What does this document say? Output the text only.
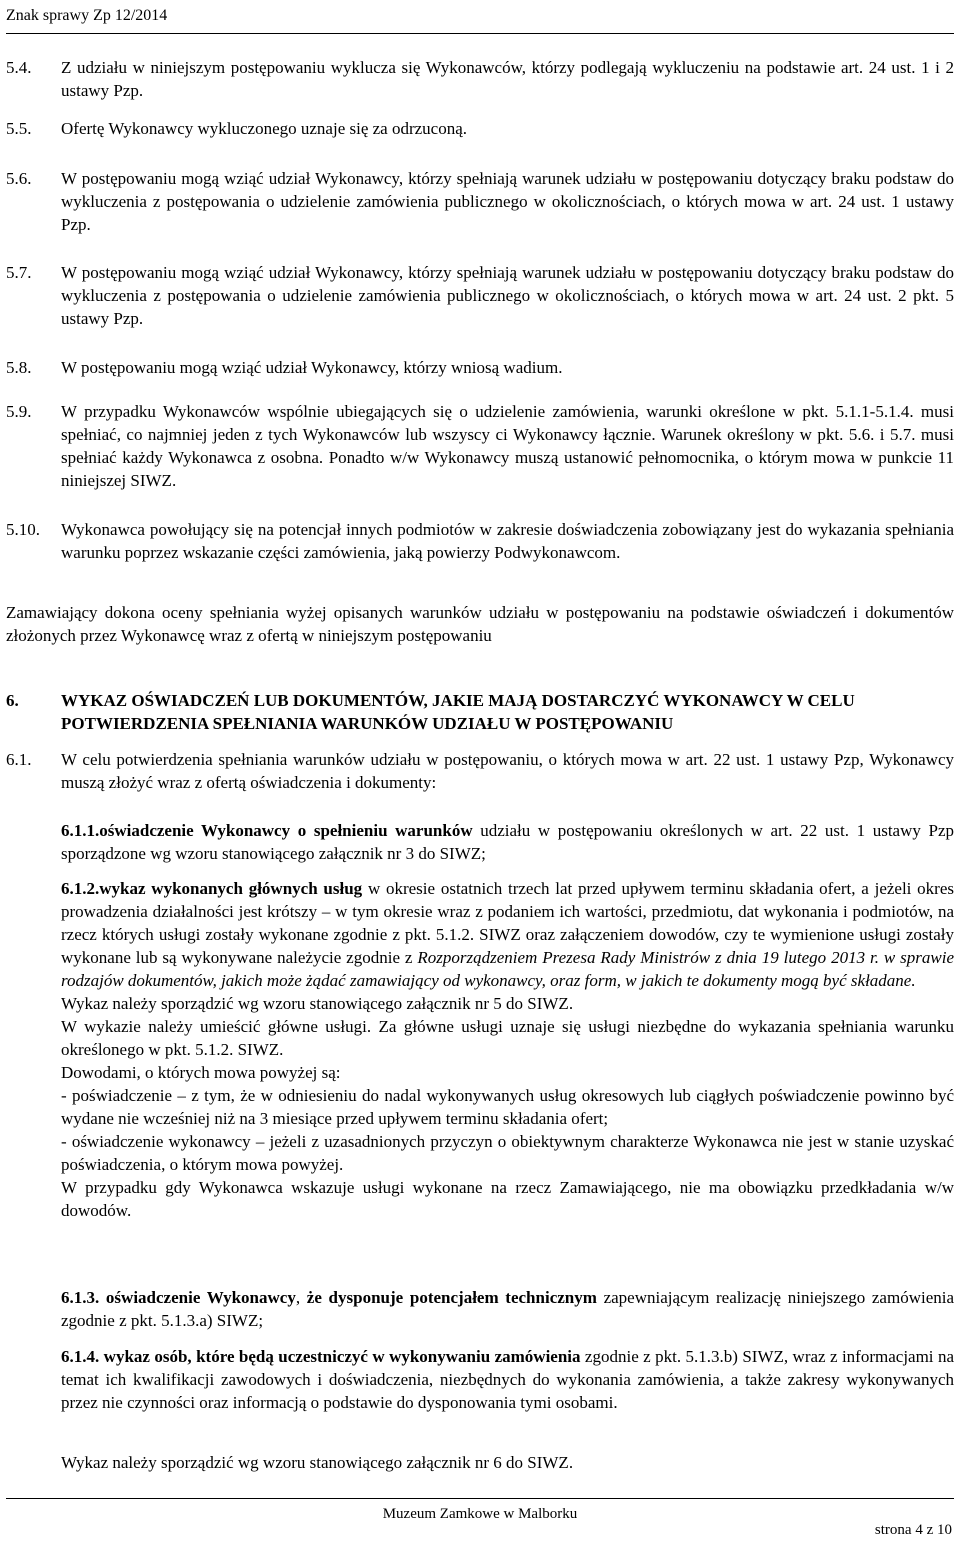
Znak sprawy Zp 12/2014
5.4. Z udziału w niniejszym postępowaniu wyklucza się Wykonawców, którzy podlegają wykluczeniu na podstawie art. 24 ust. 1 i 2 ustawy Pzp.
5.5. Ofertę Wykonawcy wykluczonego uznaje się za odrzuconą.
5.6. W postępowaniu mogą wziąć udział Wykonawcy, którzy spełniają warunek udziału w postępowaniu dotyczący braku podstaw do wykluczenia z postępowania o udzielenie zamówienia publicznego w okolicznościach, o których mowa w art. 24 ust. 1 ustawy Pzp.
5.7. W postępowaniu mogą wziąć udział Wykonawcy, którzy spełniają warunek udziału w postępowaniu dotyczący braku podstaw do wykluczenia z postępowania o udzielenie zamówienia publicznego w okolicznościach, o których mowa w art. 24 ust. 2 pkt. 5 ustawy Pzp.
5.8. W postępowaniu mogą wziąć udział Wykonawcy, którzy wniosą wadium.
5.9. W przypadku Wykonawców wspólnie ubiegających się o udzielenie zamówienia, warunki określone w pkt. 5.1.1-5.1.4. musi spełniać, co najmniej jeden z tych Wykonawców lub wszyscy ci Wykonawcy łącznie. Warunek określony w pkt. 5.6. i 5.7. musi spełniać każdy Wykonawca z osobna. Ponadto w/w Wykonawcy muszą ustanowić pełnomocnika, o którym mowa w punkcie 11 niniejszej SIWZ.
5.10. Wykonawca powołujący się na potencjał innych podmiotów w zakresie doświadczenia zobowiązany jest do wykazania spełniania warunku poprzez wskazanie części zamówienia, jaką powierzy Podwykonawcom.
Zamawiający dokona oceny spełniania wyżej opisanych warunków udziału w postępowaniu na podstawie oświadczeń i dokumentów złożonych przez Wykonawcę wraz z ofertą w niniejszym postępowaniu
6. WYKAZ OŚWIADCZEŃ LUB DOKUMENTÓW, JAKIE MAJĄ DOSTARCZYĆ WYKONAWCY W CELU POTWIERDZENIA SPEŁNIANIA WARUNKÓW UDZIAŁU W POSTĘPOWANIU
6.1. W celu potwierdzenia spełniania warunków udziału w postępowaniu, o których mowa w art. 22 ust. 1 ustawy Pzp, Wykonawcy muszą złożyć wraz z ofertą oświadczenia i dokumenty:
6.1.1.oświadczenie Wykonawcy o spełnieniu warunków udziału w postępowaniu określonych w art. 22 ust. 1 ustawy Pzp sporządzone wg wzoru stanowiącego załącznik nr 3 do SIWZ;
6.1.2.wykaz wykonanych głównych usług w okresie ostatnich trzech lat przed upływem terminu składania ofert, a jeżeli okres prowadzenia działalności jest krótszy – w tym okresie wraz z podaniem ich wartości, przedmiotu, dat wykonania i podmiotów, na rzecz których usługi zostały wykonane zgodnie z pkt. 5.1.2. SIWZ oraz załączeniem dowodów, czy te wymienione usługi zostały wykonane lub są wykonywane należycie zgodnie z Rozporządzeniem Prezesa Rady Ministrów z dnia 19 lutego 2013 r. w sprawie rodzajów dokumentów, jakich może żądać zamawiający od wykonawcy, oraz form, w jakich te dokumenty mogą być składane.
Wykaz należy sporządzić wg wzoru stanowiącego załącznik nr 5 do SIWZ.
W wykazie należy umieścić główne usługi. Za główne usługi uznaje się usługi niezbędne do wykazania spełniania warunku określonego w pkt. 5.1.2. SIWZ.
Dowodami, o których mowa powyżej są:
- poświadczenie – z tym, że w odniesieniu do nadal wykonywanych usług okresowych lub ciągłych poświadczenie powinno być wydane nie wcześniej niż na 3 miesiące przed upływem terminu składania ofert;
- oświadczenie wykonawcy – jeżeli z uzasadnionych przyczyn o obiektywnym charakterze Wykonawca nie jest w stanie uzyskać poświadczenia, o którym mowa powyżej.
W przypadku gdy Wykonawca wskazuje usługi wykonane na rzecz Zamawiającego, nie ma obowiązku przedkładania w/w dowodów.
6.1.3. oświadczenie Wykonawcy, że dysponuje potencjałem technicznym zapewniającym realizację niniejszego zamówienia zgodnie z pkt. 5.1.3.a) SIWZ;
6.1.4. wykaz osób, które będą uczestniczyć w wykonywaniu zamówienia zgodnie z pkt. 5.1.3.b) SIWZ, wraz z informacjami na temat ich kwalifikacji zawodowych i doświadczenia, niezbędnych do wykonania zamówienia, a także zakresy wykonywanych przez nie czynności oraz informacją o podstawie do dysponowania tymi osobami.
Wykaz należy sporządzić wg wzoru stanowiącego załącznik nr 6 do SIWZ.
Muzeum Zamkowe w Malborku
strona 4 z 10
